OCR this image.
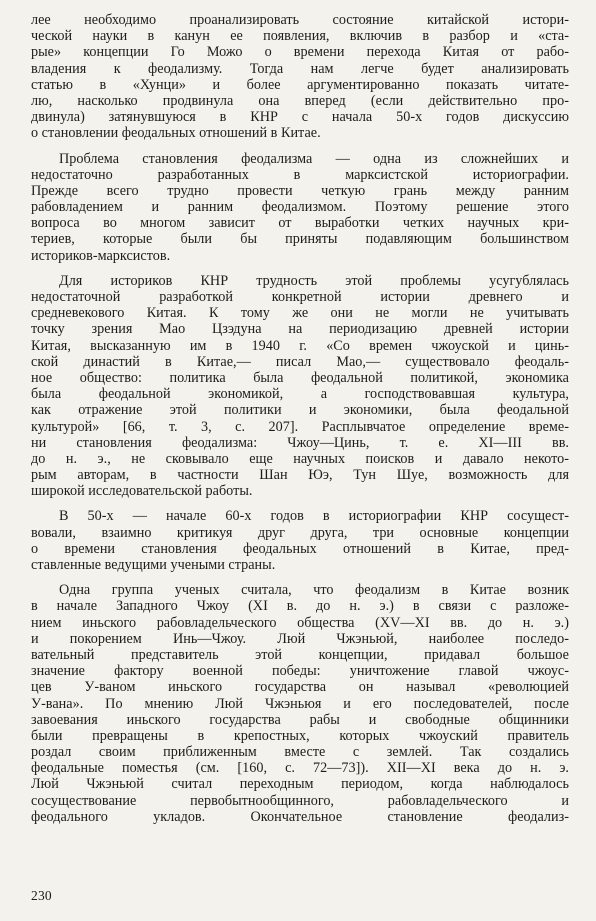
лее необходимо проанализировать состояние китайской истори-
ческой науки в канун ее появления, включив в разбор и «ста-
рые» концепции Го Можо о времени перехода Китая от рабо-
владения к феодализму. Тогда нам легче будет анализировать
статью в «Хунци» и более аргументированно показать читате-
лю, насколько продвинула она вперед (если действительно про-
двинула) затянувшуюся в КНР с начала 50-х годов дискуссию
о становлении феодальных отношений в Китае.
Проблема становления феодализма — одна из сложнейших и
недостаточно разработанных в марксистской историографии.
Прежде всего трудно провести четкую грань между ранним
рабовладением и ранним феодализмом. Поэтому решение этого
вопроса во многом зависит от выработки четких научных кри-
териев, которые были бы приняты подавляющим большинством
историков-марксистов.
Для историков КНР трудность этой проблемы усугублялась
недостаточной разработкой конкретной истории древнего и
средневекового Китая. К тому же они не могли не учитывать
точку зрения Мао Цзэдуна на периодизацию древней истории
Китая, высказанную им в 1940 г. «Со времен чжоуской и цинь-
ской династий в Китае,— писал Мао,— существовало феодаль-
ное общество: политика была феодальной политикой, экономика
была феодальной экономикой, а господствовавшая культура,
как отражение этой политики и экономики, была феодальной
культурой» [66, т. 3, с. 207]. Расплывчатое определение време-
ни становления феодализма: Чжоу—Цинь, т. е. XI—III вв.
до н. э., не сковывало еще научных поисков и давало некото-
рым авторам, в частности Шан Юэ, Тун Шуе, возможность для
широкой исследовательской работы.
В 50-х — начале 60-х годов в историографии КНР сосущест-
вовали, взаимно критикуя друг друга, три основные концепции
о времени становления феодальных отношений в Китае, пред-
ставленные ведущими учеными страны.
Одна группа ученых считала, что феодализм в Китае возник
в начале Западного Чжоу (XI в. до н. э.) в связи с разложе-
нием иньского рабовладельческого общества (XV—XI вв. до н. э.)
и покорением Инь—Чжоу. Люй Чжэньюй, наиболее последо-
вательный представитель этой концепции, придавал большое
значение фактору военной победы: уничтожение главой чжоус-
цев У-ваном иньского государства он называл «революцией
У-вана». По мнению Люй Чжэньюя и его последователей, после
завоевания иньского государства рабы и свободные общинники
были превращены в крепостных, которых чжоуский правитель
роздал своим приближенным вместе с землей. Так создались
феодальные поместья (см. [160, с. 72—73]). XII—XI века до н. э.
Люй Чжэньюй считал переходным периодом, когда наблюдалось
сосуществование первобытнообщинного, рабовладельческого и
феодального укладов. Окончательное становление феодализ-
230
